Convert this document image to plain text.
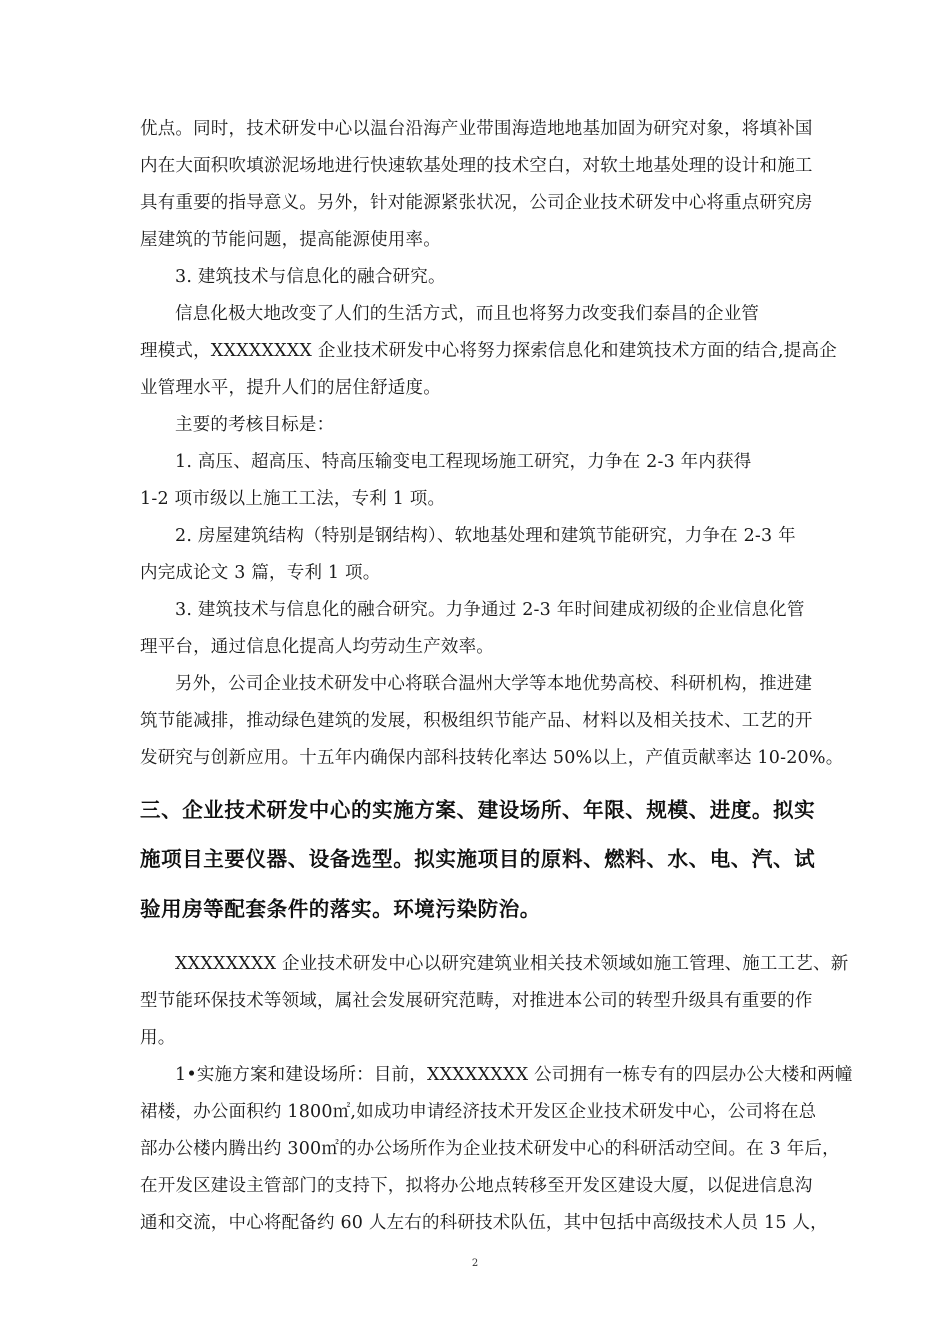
优点。同时，技术研发中心以温台沿海产业带围海造地地基加固为研究对象，将填补国
内在大面积吹填淤泥场地进行快速软基处理的技术空白，对软土地基处理的设计和施工
具有重要的指导意义。另外，针对能源紧张状况，公司企业技术研发中心将重点研究房
屋建筑的节能问题，提高能源使用率。
3. 建筑技术与信息化的融合研究。
信息化极大地改变了人们的生活方式，而且也将努力改变我们泰昌的企业管
理模式，XXXXXXXX 企业技术研发中心将努力探索信息化和建筑技术方面的结合,提高企
业管理水平，提升人们的居住舒适度。
主要的考核目标是：
1. 高压、超高压、特高压输变电工程现场施工研究，力争在 2-3 年内获得
1-2 项市级以上施工工法，专利 1 项。
2. 房屋建筑结构（特别是钢结构）、软地基处理和建筑节能研究，力争在 2-3 年
内完成论文 3 篇，专利 1 项。
3. 建筑技术与信息化的融合研究。力争通过 2-3 年时间建成初级的企业信息化管
理平台，通过信息化提高人均劳动生产效率。
另外，公司企业技术研发中心将联合温州大学等本地优势高校、科研机构，推进建
筑节能减排，推动绿色建筑的发展，积极组织节能产品、材料以及相关技术、工艺的开
发研究与创新应用。十五年内确保内部科技转化率达 50%以上，产值贡献率达 10-20%。
三、企业技术研发中心的实施方案、建设场所、年限、规模、进度。拟实
施项目主要仪器、设备选型。拟实施项目的原料、燃料、水、电、汽、试
验用房等配套条件的落实。环境污染防治。
XXXXXXXX 企业技术研发中心以研究建筑业相关技术领域如施工管理、施工工艺、新
型节能环保技术等领域，属社会发展研究范畴，对推进本公司的转型升级具有重要的作
用。
1•实施方案和建设场所：目前，XXXXXXXX 公司拥有一栋专有的四层办公大楼和两幢
裙楼，办公面积约 1800㎡,如成功申请经济技术开发区企业技术研发中心，公司将在总
部办公楼内腾出约 300㎡的办公场所作为企业技术研发中心的科研活动空间。在 3 年后，
在开发区建设主管部门的支持下，拟将办公地点转移至开发区建设大厦，以促进信息沟
通和交流，中心将配备约 60 人左右的科研技术队伍，其中包括中高级技术人员 15 人，
2
